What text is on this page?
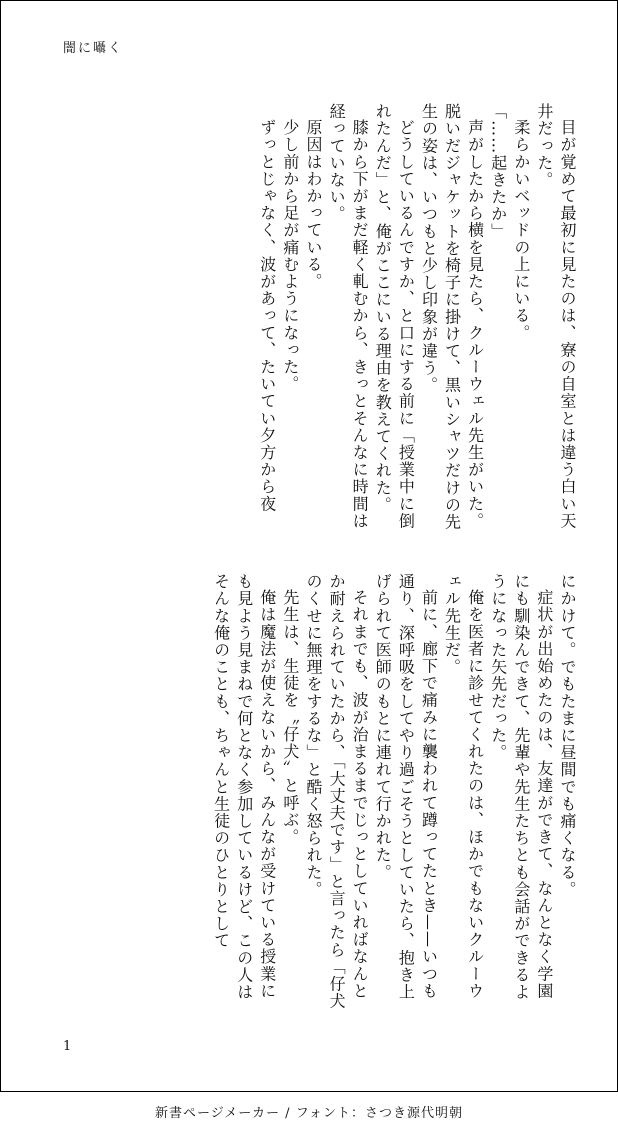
闇に囁く

目が覚めて最初に見たのは、寮の自室とは違う白い天井だった。

柔らかいベッドの上にいる。

「……起きたか」

声がしたから横を見たら、クルーウェル先生がいた。脱いだジャケットを椅子に掛けて、黒いシャツだけの先生の姿は、いつもと少し印象が違う。

どうしているんですか、と口にする前に「授業中に倒れたんだ」と、俺がここにいる理由を教えてくれた。

膝から下がまだ軽く軋むから、きっとそんなに時間は経っていない。

原因はわかっている。

少し前から足が痛むようになった。

ずっとじゃなく、波があって、たいてい夕方から夜

にかけて。でもたまに昼間でも痛くなる。

症状が出始めたのは、友達ができて、なんとなく学園にも馴染んできて、先輩や先生たちとも会話ができるようになった矢先だった。

俺を医者に診せてくれたのは、ほかでもないクルーウェル先生だ。

前に、廊下で痛みに襲われて蹲ってたとき——いつも通り、深呼吸をしてやり過ごそうとしていたら、抱き上げられて医師のもとに連れて行かれた。

それまでも、波が治まるまでじっとしていればなんとか耐えられていたから、「大丈夫です」と言ったら「仔犬のくせに無理をするな」と酷く怒られた。

先生は、生徒を〝仔犬〟と呼ぶ。

俺は魔法が使えないから、みんなが受けている授業にも見よう見まねで何となく参加しているけど、この人はそんな俺のことも、ちゃんと生徒のひとりとして

1
新書ページメーカー / フォント：さつき源代明朝
